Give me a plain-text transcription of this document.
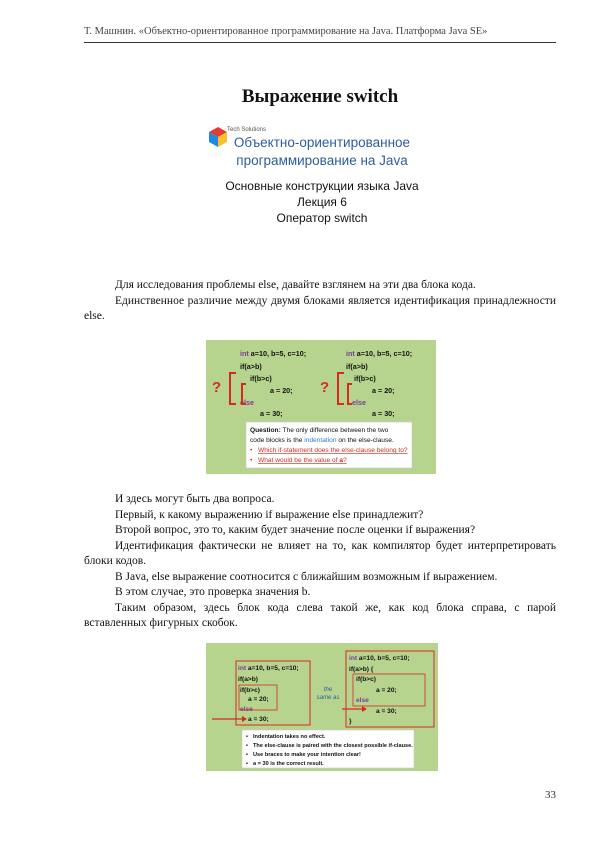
Т. Машнин. «Объектно-ориентированное программирование на Java. Платформа Java SE»
Выражение switch
Tech Solutions
Объектно-ориентированное
программирование на Java
Основные конструкции языка Java
Лекция 6
Оператор switch
Для исследования проблемы else, давайте взглянем на эти два блока кода.
Единственное различие между двумя блоками является идентификация принадлежности else.
int a=10, b=5, c=10;
if(a>b)
if(b>c)
a = 20;
else
a = 30;
int a=10, b=5, c=10;
if(a>b)
if(b>c)
a = 20;
else
a = 30;
?	?
Question: The only difference between the two
code blocks is the indentation on the else-clause.
• Which if-statement does the else-clause belong to?
• What would be the value of a?
И здесь могут быть два вопроса.
Первый, к какому выражению if выражение else принадлежит?
Второй вопрос, это то, каким будет значение после оценки if выражения?
Идентификация фактически не влияет на то, как компилятор будет интерпретировать блоки кодов.
В Java, else выражение соотносится с ближайшим возможным if выражением.
В этом случае, это проверка значения b.
Таким образом, здесь блок кода слева такой же, как код блока справа, с парой вставленных фигурных скобок.
int a=10, b=5, c=10;
if(a>b)
if(b>c)
a = 20;
else
a = 30;
the
same as
int a=10, b=5, c=10;
if(a>b) {
if(b>c)
a = 20;
else
a = 30;
}
• Indentation takes no effect.
• The else-clause is paired with the closest possible if-clause.
• Use braces to make your intention clear!
• a = 30 is the correct result.
33
